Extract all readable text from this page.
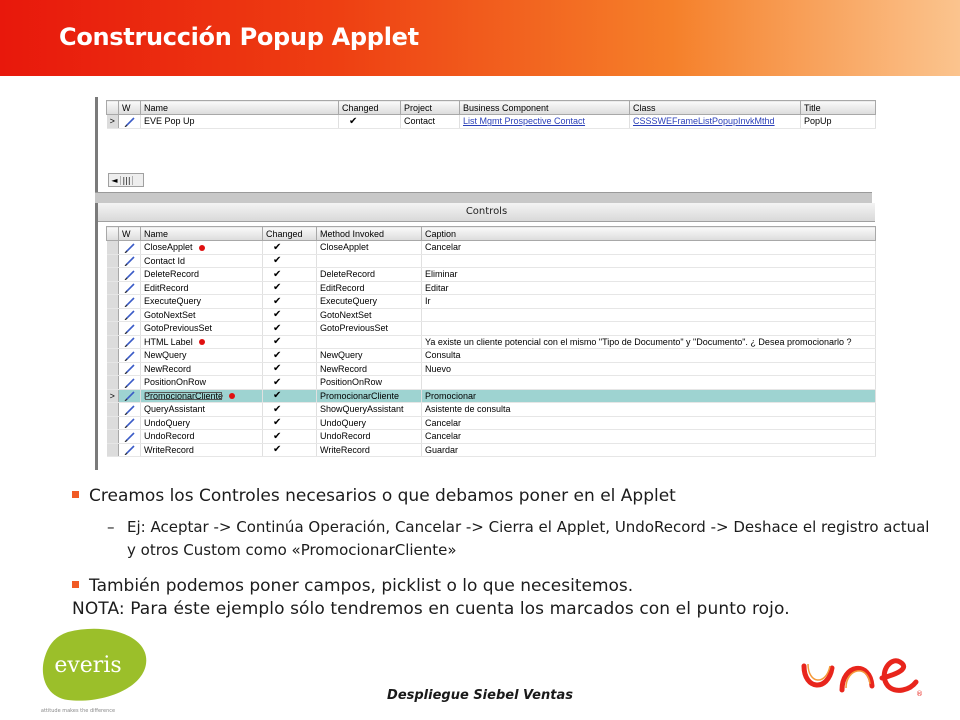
Construcción Popup Applet
	W	Name	Changed	Project	Business Component	Class	Title
>		EVE Pop Up	✔	Contact	List Mgmt Prospective Contact	CSSSWEFrameListPopupInvkMthd	PopUp
◄ |||
Controls
	W	Name	Changed	Method Invoked	Caption
		CloseApplet	✔	CloseApplet	Cancelar
		Contact Id	✔		
		DeleteRecord	✔	DeleteRecord	Eliminar
		EditRecord	✔	EditRecord	Editar
		ExecuteQuery	✔	ExecuteQuery	Ir
		GotoNextSet	✔	GotoNextSet	
		GotoPreviousSet	✔	GotoPreviousSet	
		HTML Label	✔		Ya existe un cliente potencial con el mismo "Tipo de Documento" y "Documento". ¿ Desea promocionarlo ?
		NewQuery	✔	NewQuery	Consulta
		NewRecord	✔	NewRecord	Nuevo
		PositionOnRow	✔	PositionOnRow	
>		PromocionarCliente	✔	PromocionarCliente	Promocionar
		QueryAssistant	✔	ShowQueryAssistant	Asistente de consulta
		UndoQuery	✔	UndoQuery	Cancelar
		UndoRecord	✔	UndoRecord	Cancelar
		WriteRecord	✔	WriteRecord	Guardar
Creamos los Controles necesarios o que debamos poner en el Applet
– Ej: Aceptar -> Continúa Operación, Cancelar -> Cierra el Applet, UndoRecord -> Deshace el registro actual y otros Custom como «PromocionarCliente»
También podemos poner campos, picklist o lo que necesitemos.
NOTA: Para éste ejemplo sólo tendremos en cuenta los marcados con el punto rojo.
everis
attitude makes the difference
®
Despliegue Siebel Ventas
